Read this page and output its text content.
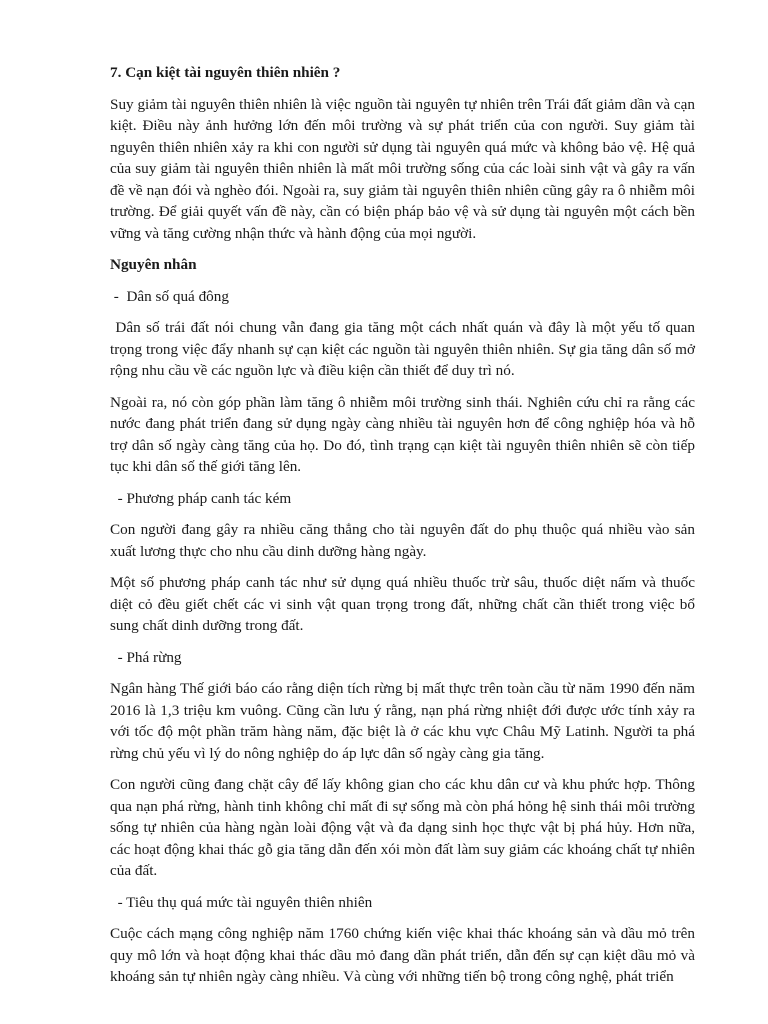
7. Cạn kiệt tài nguyên thiên nhiên ?
Suy giảm tài nguyên thiên nhiên là việc nguồn tài nguyên tự nhiên trên Trái đất giảm dần và cạn kiệt. Điều này ảnh hưởng lớn đến môi trường và sự phát triển của con người. Suy giảm tài nguyên thiên nhiên xảy ra khi con người sử dụng tài nguyên quá mức và không bảo vệ. Hệ quả của suy giảm tài nguyên thiên nhiên là mất môi trường sống của các loài sinh vật và gây ra vấn đề về nạn đói và nghèo đói. Ngoài ra, suy giảm tài nguyên thiên nhiên cũng gây ra ô nhiễm môi trường. Để giải quyết vấn đề này, cần có biện pháp bảo vệ và sử dụng tài nguyên một cách bền vững và tăng cường nhận thức và hành động của mọi người.
Nguyên nhân
-  Dân số quá đông
Dân số trái đất nói chung vẫn đang gia tăng một cách nhất quán và đây là một yếu tố quan trọng trong việc đẩy nhanh sự cạn kiệt các nguồn tài nguyên thiên nhiên. Sự gia tăng dân số mở rộng nhu cầu về các nguồn lực và điều kiện cần thiết để duy trì nó.
Ngoài ra, nó còn góp phần làm tăng ô nhiễm môi trường sinh thái. Nghiên cứu chỉ ra rằng các nước đang phát triển đang sử dụng ngày càng nhiều tài nguyên hơn để công nghiệp hóa và hỗ trợ dân số ngày càng tăng của họ. Do đó, tình trạng cạn kiệt tài nguyên thiên nhiên sẽ còn tiếp tục khi dân số thế giới tăng lên.
- Phương pháp canh tác kém
Con người đang gây ra nhiều căng thẳng cho tài nguyên đất do phụ thuộc quá nhiều vào sản xuất lương thực cho nhu cầu dinh dưỡng hàng ngày.
Một số phương pháp canh tác như sử dụng quá nhiều thuốc trừ sâu, thuốc diệt nấm và thuốc diệt cỏ đều giết chết các vi sinh vật quan trọng trong đất, những chất cần thiết trong việc bổ sung chất dinh dưỡng trong đất.
- Phá rừng
Ngân hàng Thế giới báo cáo rằng diện tích rừng bị mất thực trên toàn cầu từ năm 1990 đến năm 2016 là 1,3 triệu km vuông. Cũng cần lưu ý rằng, nạn phá rừng nhiệt đới được ước tính xảy ra với tốc độ một phần trăm hàng năm, đặc biệt là ở các khu vực Châu Mỹ Latinh. Người ta phá rừng chủ yếu vì lý do nông nghiệp do áp lực dân số ngày càng gia tăng.
Con người cũng đang chặt cây để lấy không gian cho các khu dân cư và khu phức hợp. Thông qua nạn phá rừng, hành tinh không chỉ mất đi sự sống mà còn phá hỏng hệ sinh thái môi trường sống tự nhiên của hàng ngàn loài động vật và đa dạng sinh học thực vật bị phá hủy. Hơn nữa, các hoạt động khai thác gỗ gia tăng dẫn đến xói mòn đất làm suy giảm các khoáng chất tự nhiên của đất.
- Tiêu thụ quá mức tài nguyên thiên nhiên
Cuộc cách mạng công nghiệp năm 1760 chứng kiến việc khai thác khoáng sản và dầu mỏ trên quy mô lớn và hoạt động khai thác dầu mỏ đang dần phát triển, dẫn đến sự cạn kiệt dầu mỏ và khoáng sản tự nhiên ngày càng nhiều. Và cùng với những tiến bộ trong công nghệ, phát triển
